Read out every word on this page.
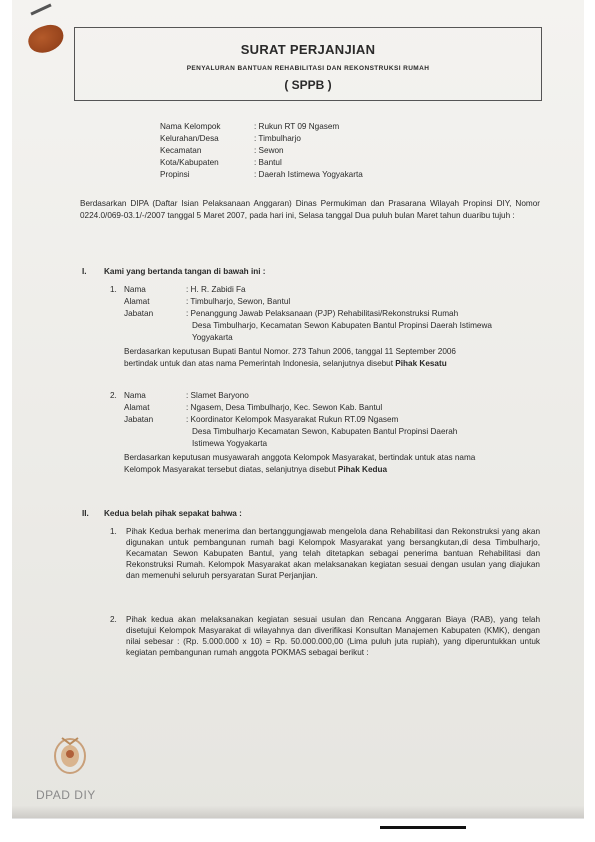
SURAT PERJANJIAN
PENYALURAN BANTUAN REHABILITASI DAN REKONSTRUKSI RUMAH
( SPPB )
Nama Kelompok	: Rukun RT 09 Ngasem
Kelurahan/Desa	: Timbulharjo
Kecamatan	: Sewon
Kota/Kabupaten	: Bantul
Propinsi	: Daerah Istimewa Yogyakarta
Berdasarkan DIPA (Daftar Isian Pelaksanaan Anggaran) Dinas Permukiman dan Prasarana Wilayah Propinsi DIY, Nomor 0224.0/069-03.1/-/2007 tanggal 5 Maret 2007, pada hari ini, Selasa tanggal Dua puluh bulan Maret tahun duaribu tujuh :
I. Kami yang bertanda tangan di bawah ini :
1. Nama	: H. R. Zabidi Fa
Alamat	: Timbulharjo, Sewon, Bantul
Jabatan	: Penanggung Jawab Pelaksanaan (PJP) Rehabilitasi/Rekonstruksi Rumah
Desa Timbulharjo, Kecamatan Sewon Kabupaten Bantul Propinsi Daerah Istimewa
Yogyakarta
Berdasarkan keputusan Bupati Bantul Nomor. 273 Tahun 2006, tanggal 11 September 2006
bertindak untuk dan atas nama Pemerintah Indonesia, selanjutnya disebut Pihak Kesatu
2. Nama	: Slamet Baryono
Alamat	: Ngasem, Desa Timbulharjo, Kec. Sewon Kab. Bantul
Jabatan	: Koordinator Kelompok Masyarakat Rukun RT.09 Ngasem
Desa Timbulharjo Kecamatan Sewon, Kabupaten Bantul Propinsi Daerah
Istimewa Yogyakarta
Berdasarkan keputusan musyawarah anggota Kelompok Masyarakat, bertindak untuk atas nama
Kelompok Masyarakat tersebut diatas, selanjutnya disebut Pihak Kedua
II. Kedua belah pihak sepakat bahwa :
1. Pihak Kedua berhak menerima dan bertanggungjawab mengelola dana Rehabilitasi dan Rekonstruksi yang akan digunakan untuk pembangunan rumah bagi Kelompok Masyarakat yang bersangkutan,di desa Timbulharjo, Kecamatan Sewon Kabupaten Bantul, yang telah ditetapkan sebagai penerima bantuan Rehabilitasi dan Rekonstruksi Rumah. Kelompok Masyarakat akan melaksanakan kegiatan sesuai dengan usulan yang diajukan dan memenuhi seluruh persyaratan Surat Perjanjian.
2. Pihak kedua akan melaksanakan kegiatan sesuai usulan dan Rencana Anggaran Biaya (RAB), yang telah disetujui Kelompok Masyarakat di wilayahnya dan diverifikasi Konsultan Manajemen Kabupaten (KMK), dengan nilai sebesar : (Rp. 5.000.000 x 10) = Rp. 50.000.000,00 (Lima puluh juta rupiah), yang diperuntukkan untuk kegiatan pembangunan rumah anggota POKMAS sebagai berikut :
DPAD DIY
